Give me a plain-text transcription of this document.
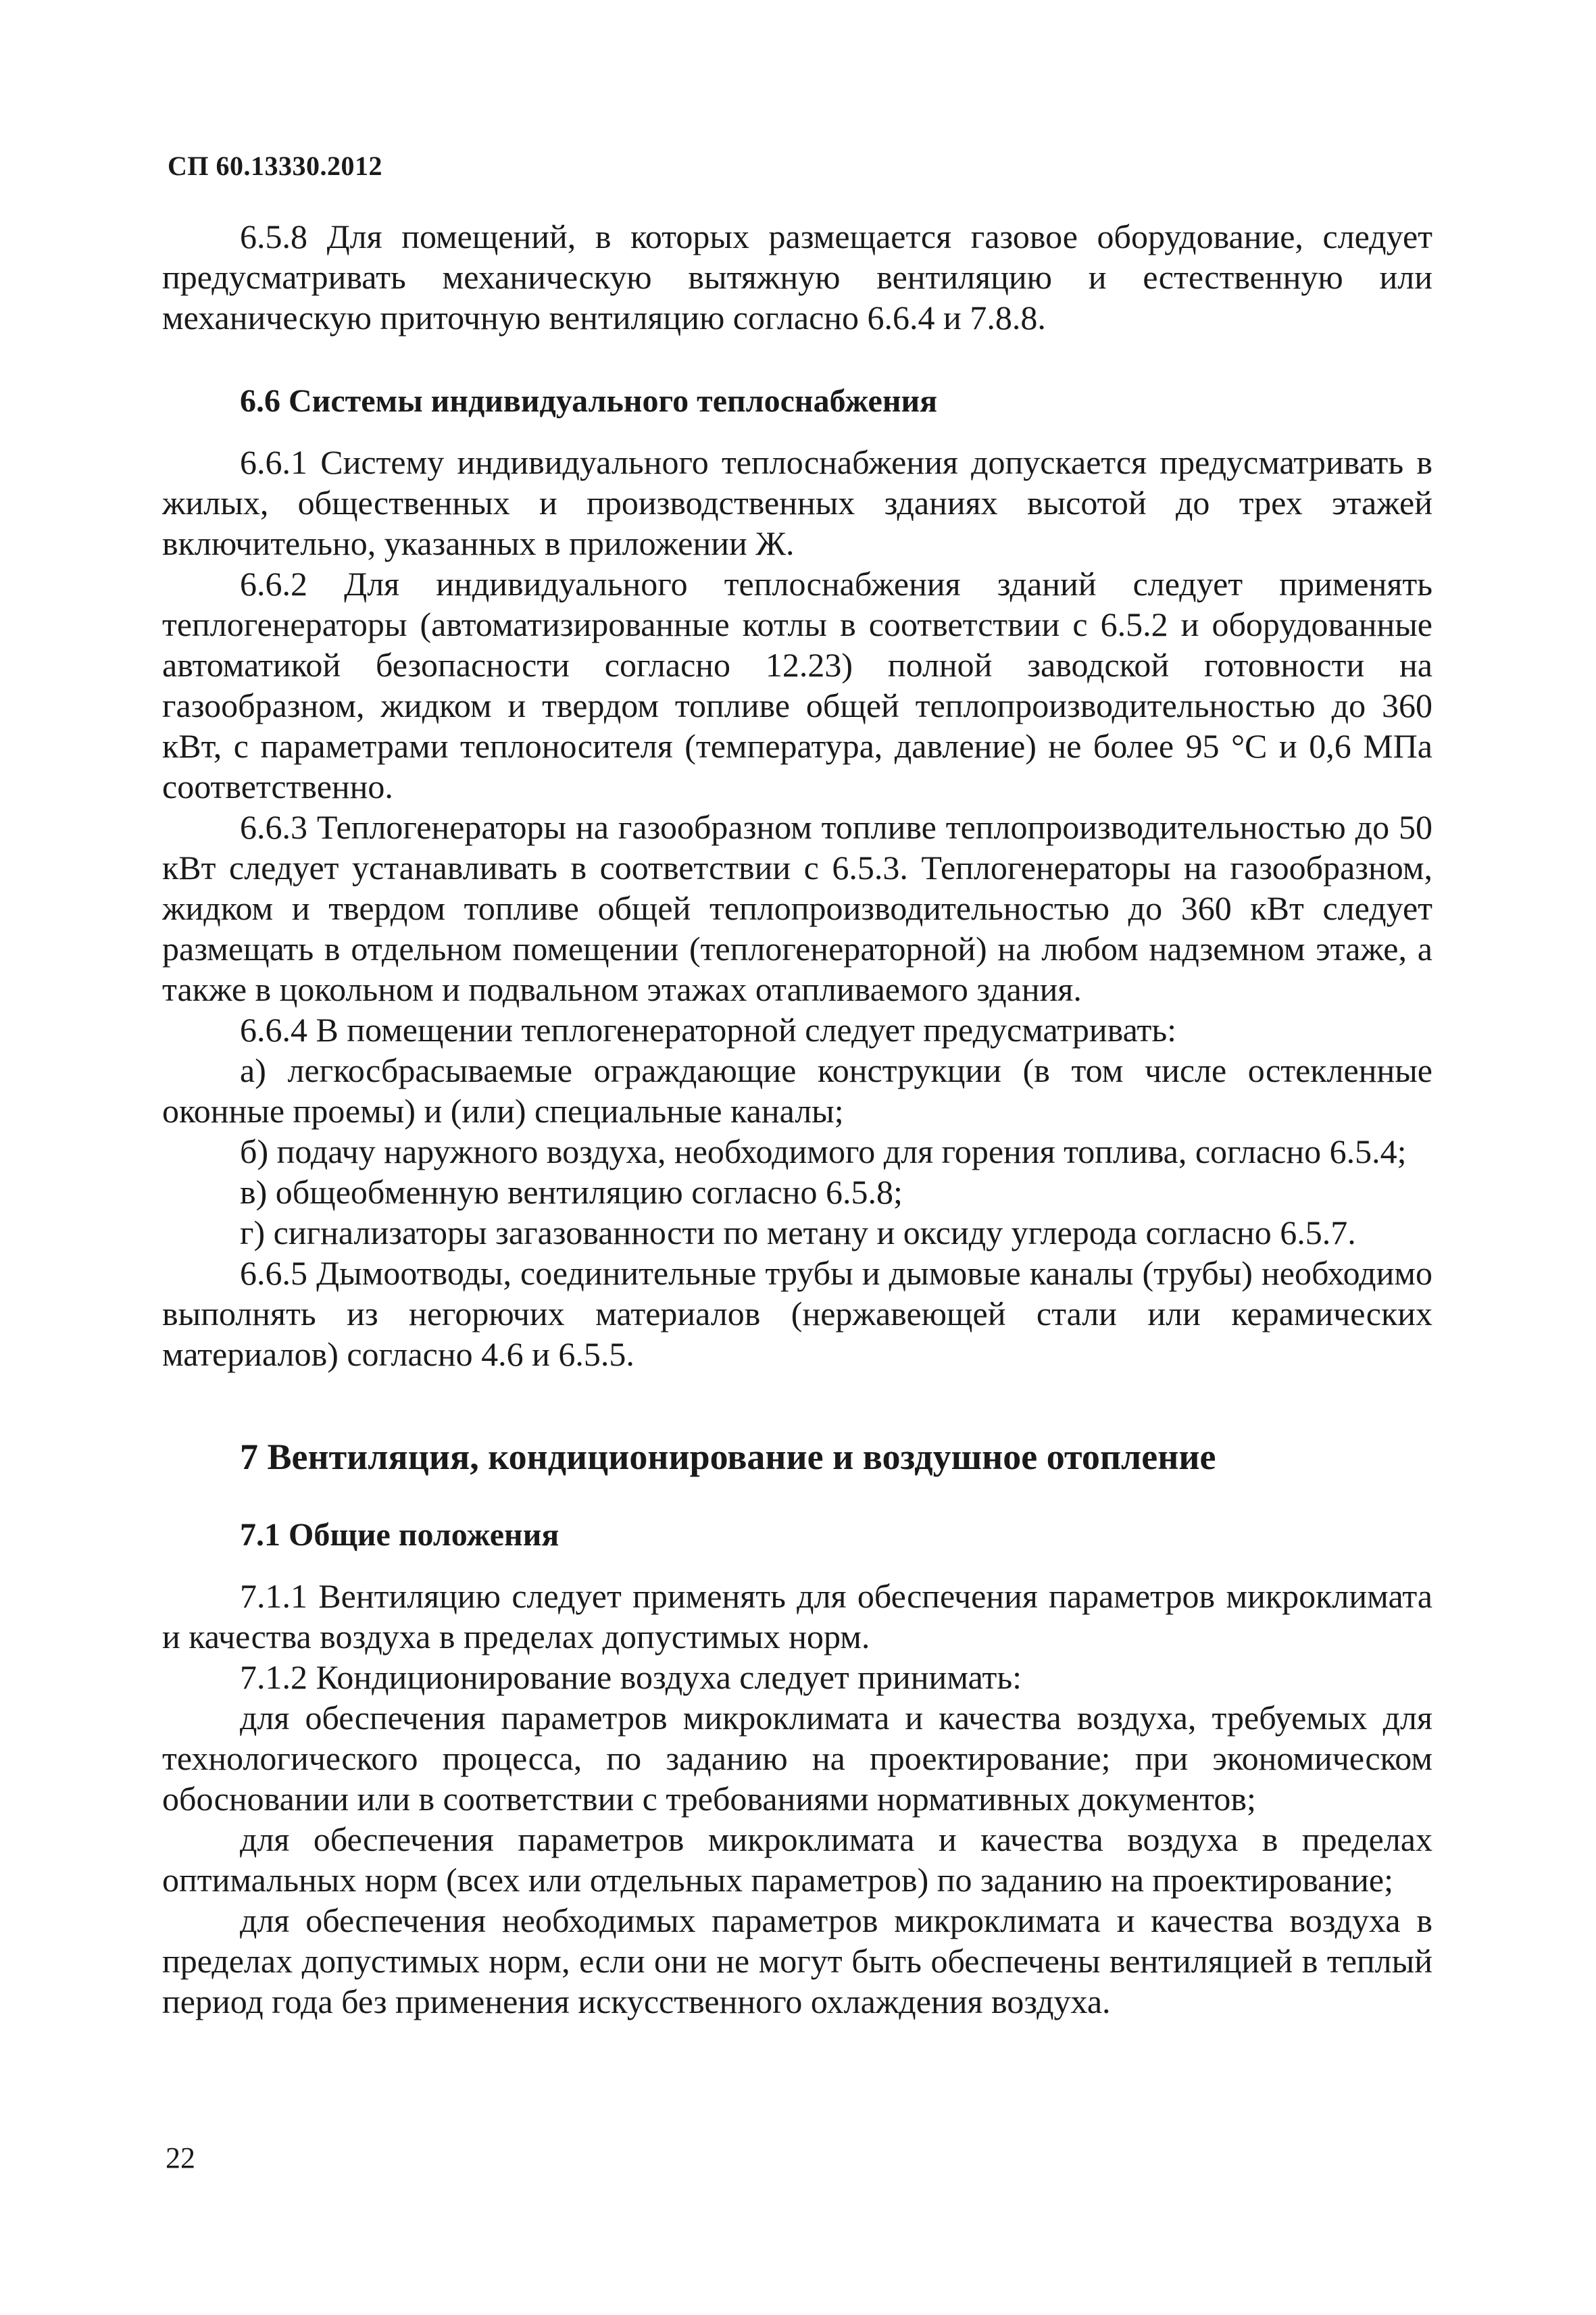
СП 60.13330.2012

6.5.8 Для помещений, в которых размещается газовое оборудование, следует предусматривать механическую вытяжную вентиляцию и естественную или механическую приточную вентиляцию согласно 6.6.4 и 7.8.8.

6.6 Системы индивидуального теплоснабжения

6.6.1 Систему индивидуального теплоснабжения допускается предусматривать в жилых, общественных и производственных зданиях высотой до трех этажей включительно, указанных в приложении Ж.

6.6.2 Для индивидуального теплоснабжения зданий следует применять теплогенераторы (автоматизированные котлы в соответствии с 6.5.2 и оборудованные автоматикой безопасности согласно 12.23) полной заводской готовности на газообразном, жидком и твердом топливе общей теплопроизводительностью до 360 кВт, с параметрами теплоносителя (температура, давление) не более 95 °С и 0,6 МПа соответственно.

6.6.3 Теплогенераторы на газообразном топливе теплопроизводительностью до 50 кВт следует устанавливать в соответствии с 6.5.3. Теплогенераторы на газообразном, жидком и твердом топливе общей теплопроизводительностью до 360 кВт следует размещать в отдельном помещении (теплогенераторной) на любом надземном этаже, а также в цокольном и подвальном этажах отапливаемого здания.

6.6.4 В помещении теплогенераторной следует предусматривать:

а) легкосбрасываемые ограждающие конструкции (в том числе остекленные оконные проемы) и (или) специальные каналы;

б) подачу наружного воздуха, необходимого для горения топлива, согласно 6.5.4;

в) общеобменную вентиляцию согласно 6.5.8;

г) сигнализаторы загазованности по метану и оксиду углерода согласно 6.5.7.

6.6.5 Дымоотводы, соединительные трубы и дымовые каналы (трубы) необходимо выполнять из негорючих материалов (нержавеющей стали или керамических материалов) согласно 4.6 и 6.5.5.

7 Вентиляция, кондиционирование и воздушное отопление
7.1 Общие положения

7.1.1 Вентиляцию следует применять для обеспечения параметров микроклимата и качества воздуха в пределах допустимых норм.

7.1.2 Кондиционирование воздуха следует принимать:

для обеспечения параметров микроклимата и качества воздуха, требуемых для технологического процесса, по заданию на проектирование; при экономическом обосновании или в соответствии с требованиями нормативных документов;

для обеспечения параметров микроклимата и качества воздуха в пределах оптимальных норм (всех или отдельных параметров) по заданию на проектирование;

для обеспечения необходимых параметров микроклимата и качества воздуха в пределах допустимых норм, если они не могут быть обеспечены вентиляцией в теплый период года без применения искусственного охлаждения воздуха.

22
